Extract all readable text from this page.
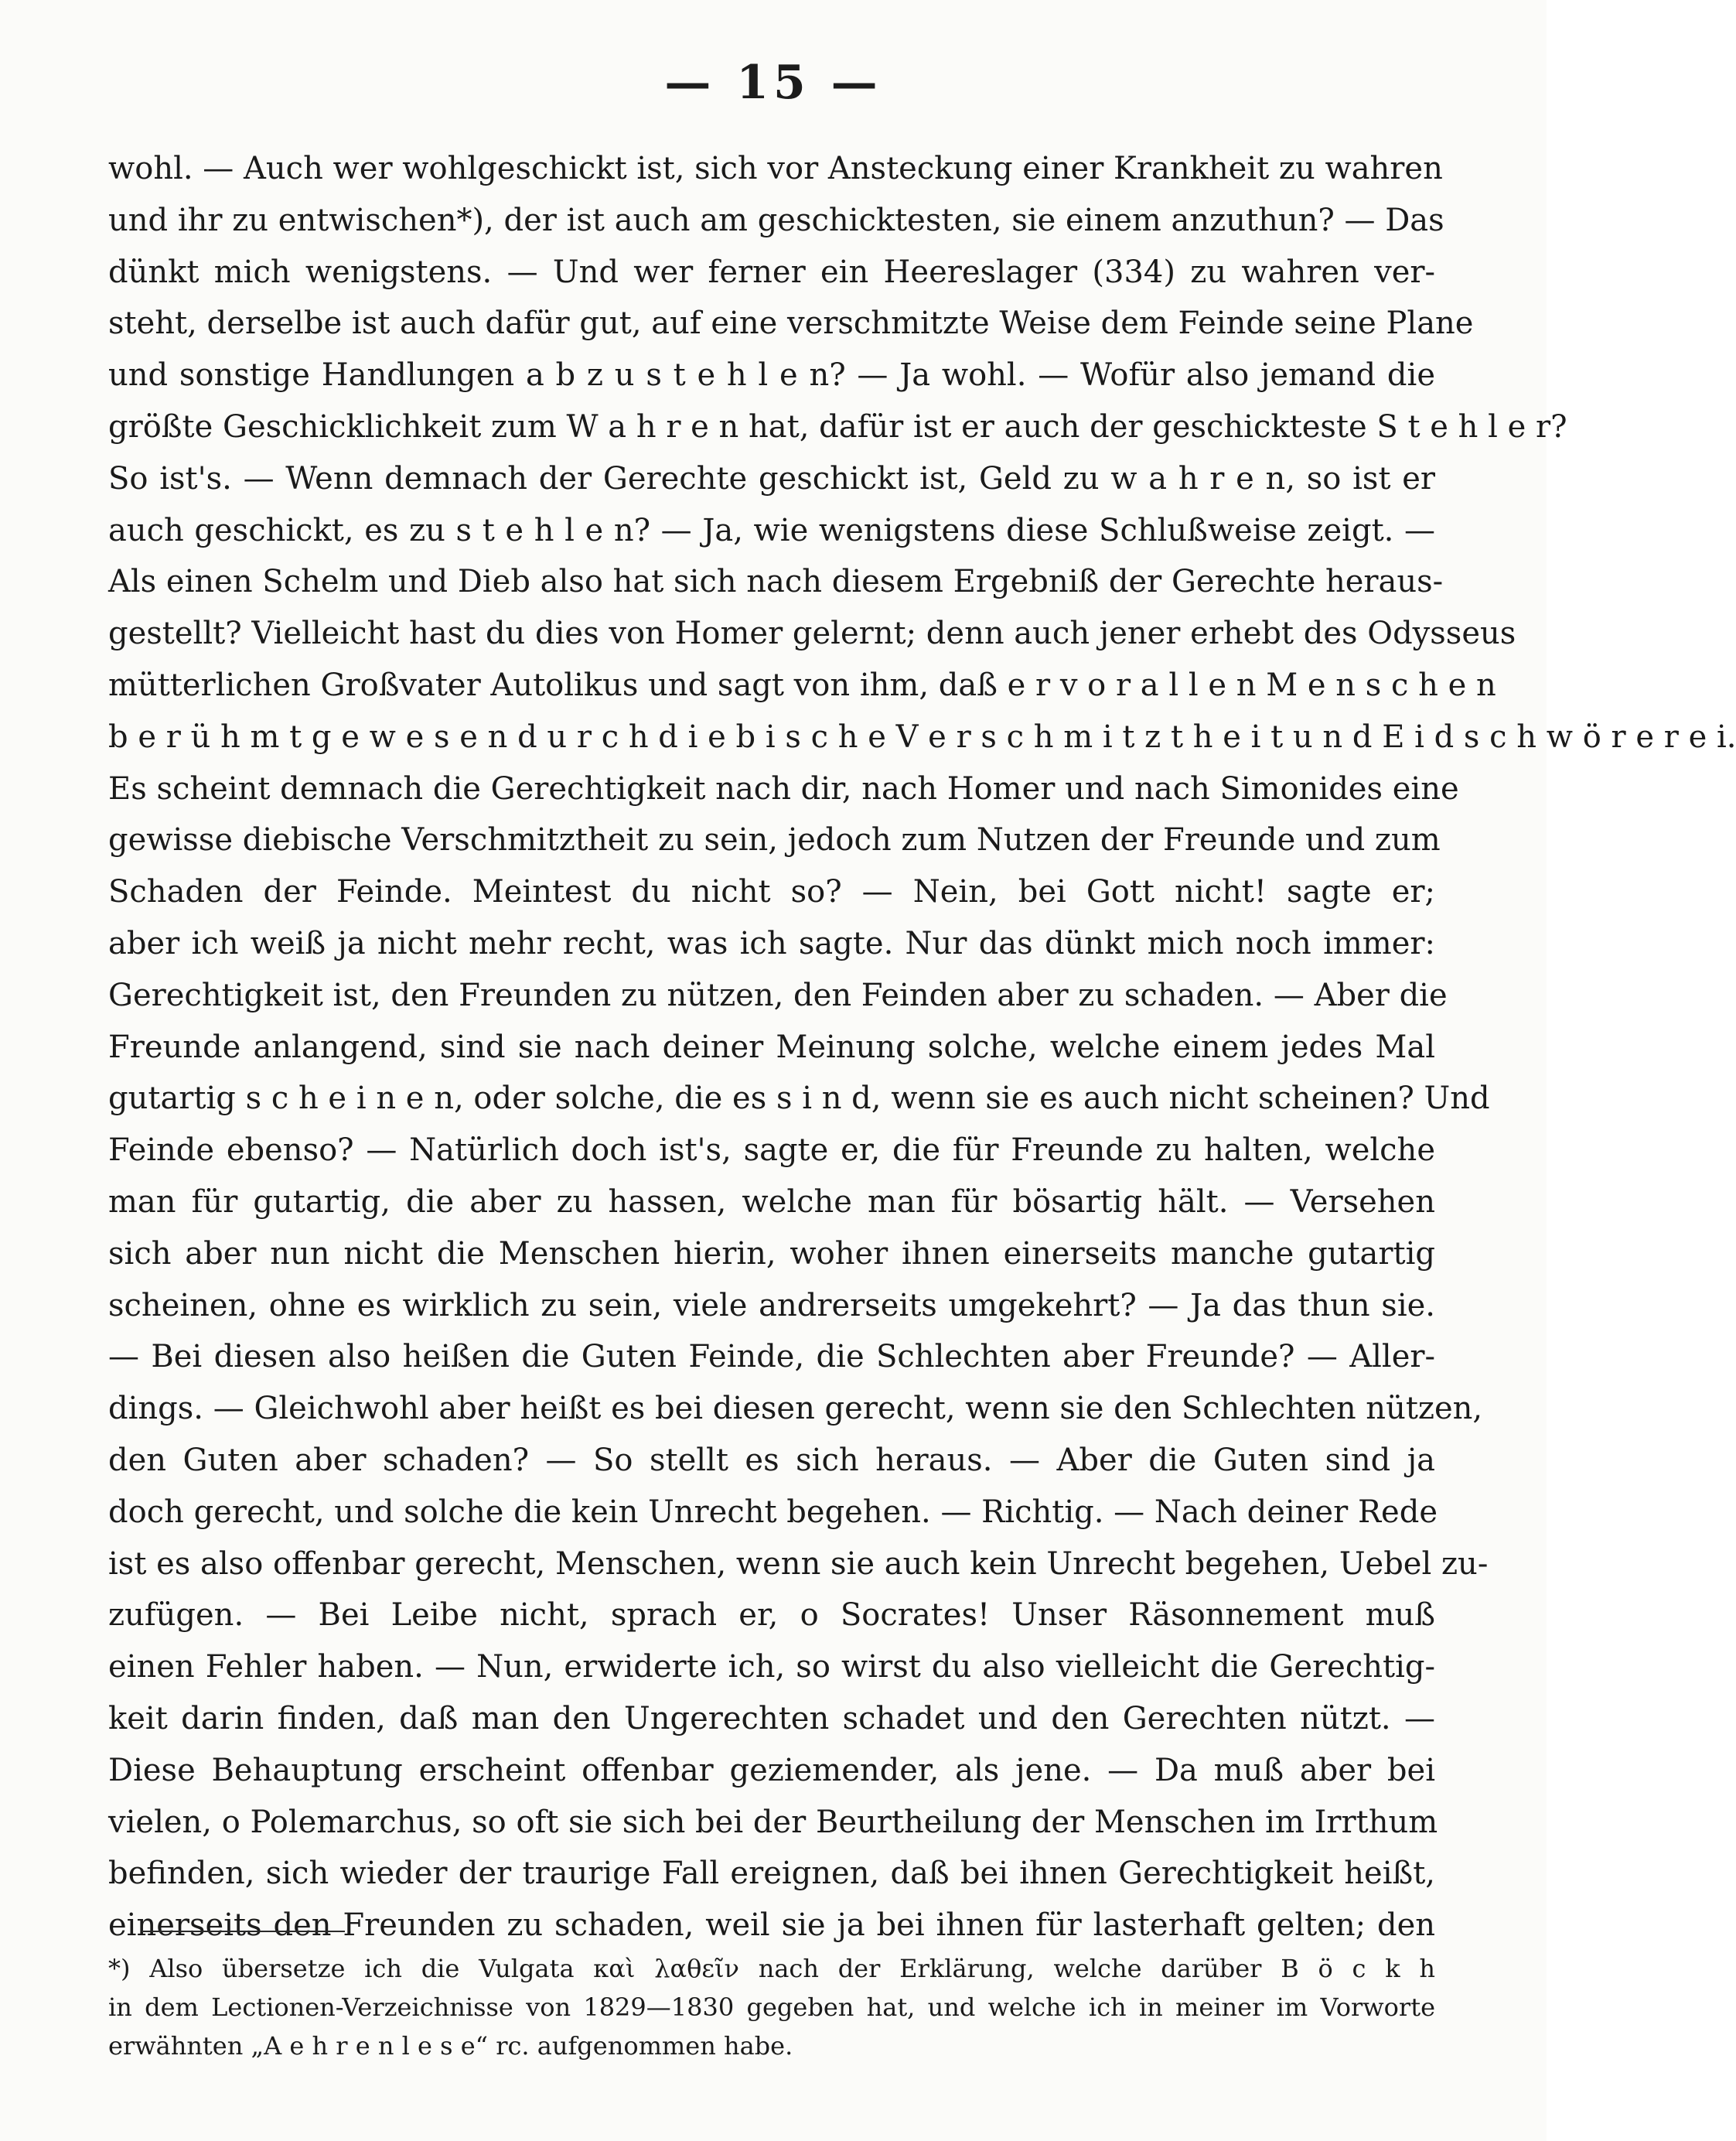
— 15 —
wohl. — Auch wer wohlgeschickt ist, sich vor Ansteckung einer Krankheit zu wahren
und ihr zu entwischen*), der ist auch am geschicktesten, sie einem anzuthun? — Das
dünkt mich wenigstens. — Und wer ferner ein Heereslager (334) zu wahren ver-
steht, derselbe ist auch dafür gut, auf eine verschmitzte Weise dem Feinde seine Plane
und sonstige Handlungen a b z u s t e h l e n? — Ja wohl. — Wofür also jemand die
größte Geschicklichkeit zum W a h r e n hat, dafür ist er auch der geschickteste S t e h l e r?
So ist's. — Wenn demnach der Gerechte geschickt ist, Geld zu w a h r e n, so ist er
auch geschickt, es zu s t e h l e n? — Ja, wie wenigstens diese Schlußweise zeigt. —
Als einen Schelm und Dieb also hat sich nach diesem Ergebniß der Gerechte heraus-
gestellt? Vielleicht hast du dies von Homer gelernt; denn auch jener erhebt des Odysseus
mütterlichen Großvater Autolikus und sagt von ihm, daß e r v o r a l l e n M e n s c h e n
b e r ü h m t g e w e s e n d u r c h d i e b i s c h e V e r s c h m i t z t h e i t u n d E i d s c h w ö r e r e i.
Es scheint demnach die Gerechtigkeit nach dir, nach Homer und nach Simonides eine
gewisse diebische Verschmitztheit zu sein, jedoch zum Nutzen der Freunde und zum
Schaden der Feinde. Meintest du nicht so? — Nein, bei Gott nicht! sagte er;
aber ich weiß ja nicht mehr recht, was ich sagte. Nur das dünkt mich noch immer:
Gerechtigkeit ist, den Freunden zu nützen, den Feinden aber zu schaden. — Aber die
Freunde anlangend, sind sie nach deiner Meinung solche, welche einem jedes Mal
gutartig s c h e i n e n, oder solche, die es s i n d, wenn sie es auch nicht scheinen? Und
Feinde ebenso? — Natürlich doch ist's, sagte er, die für Freunde zu halten, welche
man für gutartig, die aber zu hassen, welche man für bösartig hält. — Versehen
sich aber nun nicht die Menschen hierin, woher ihnen einerseits manche gutartig
scheinen, ohne es wirklich zu sein, viele andrerseits umgekehrt? — Ja das thun sie.
— Bei diesen also heißen die Guten Feinde, die Schlechten aber Freunde? — Aller-
dings. — Gleichwohl aber heißt es bei diesen gerecht, wenn sie den Schlechten nützen,
den Guten aber schaden? — So stellt es sich heraus. — Aber die Guten sind ja
doch gerecht, und solche die kein Unrecht begehen. — Richtig. — Nach deiner Rede
ist es also offenbar gerecht, Menschen, wenn sie auch kein Unrecht begehen, Uebel zu-
zufügen. — Bei Leibe nicht, sprach er, o Socrates! Unser Räsonnement muß
einen Fehler haben. — Nun, erwiderte ich, so wirst du also vielleicht die Gerechtig-
keit darin finden, daß man den Ungerechten schadet und den Gerechten nützt. —
Diese Behauptung erscheint offenbar geziemender, als jene. — Da muß aber bei
vielen, o Polemarchus, so oft sie sich bei der Beurtheilung der Menschen im Irrthum
befinden, sich wieder der traurige Fall ereignen, daß bei ihnen Gerechtigkeit heißt,
einerseits den Freunden zu schaden, weil sie ja bei ihnen für lasterhaft gelten; den
*) Also übersetze ich die Vulgata καὶ λαθεῖν nach der Erklärung, welche darüber B ö c k h
in dem Lectionen-Verzeichnisse von 1829—1830 gegeben hat, und welche ich in meiner im Vorworte
erwähnten „A e h r e n l e s e“ rc. aufgenommen habe.
